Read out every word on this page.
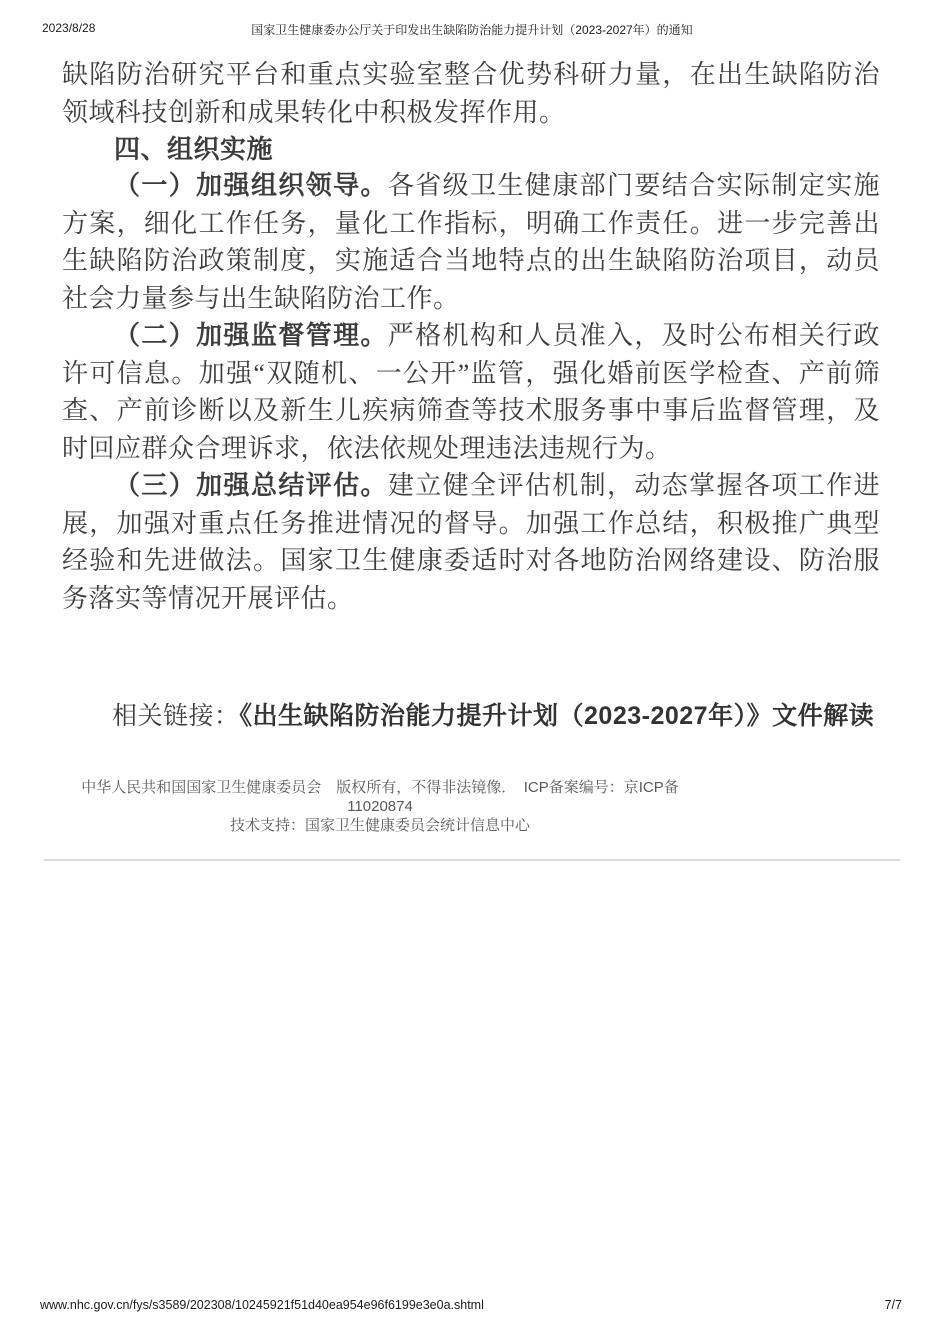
2023/8/28	国家卫生健康委办公厅关于印发出生缺陷防治能力提升计划（2023-2027年）的通知

缺陷防治研究平台和重点实验室整合优势科研力量，在出生缺陷防治领域科技创新和成果转化中积极发挥作用。

四、组织实施

（一）加强组织领导。各省级卫生健康部门要结合实际制定实施方案，细化工作任务，量化工作指标，明确工作责任。进一步完善出生缺陷防治政策制度，实施适合当地特点的出生缺陷防治项目，动员社会力量参与出生缺陷防治工作。

（二）加强监督管理。严格机构和人员准入，及时公布相关行政许可信息。加强“双随机、一公开”监管，强化婚前医学检查、产前筛查、产前诊断以及新生儿疾病筛查等技术服务事中事后监督管理，及时回应群众合理诉求，依法依规处理违法违规行为。

（三）加强总结评估。建立健全评估机制，动态掌握各项工作进展，加强对重点任务推进情况的督导。加强工作总结，积极推广典型经验和先进做法。国家卫生健康委适时对各地防治网络建设、防治服务落实等情况开展评估。

相关链接：《出生缺陷防治能力提升计划（2023-2027年）》文件解读
中华人民共和国国家卫生健康委员会　版权所有，不得非法镜像．　ICP备案编号：京ICP备11020874
技术支持：国家卫生健康委员会统计信息中心
www.nhc.gov.cn/fys/s3589/202308/10245921f51d40ea954e96f6199e3e0a.shtml	7/7
